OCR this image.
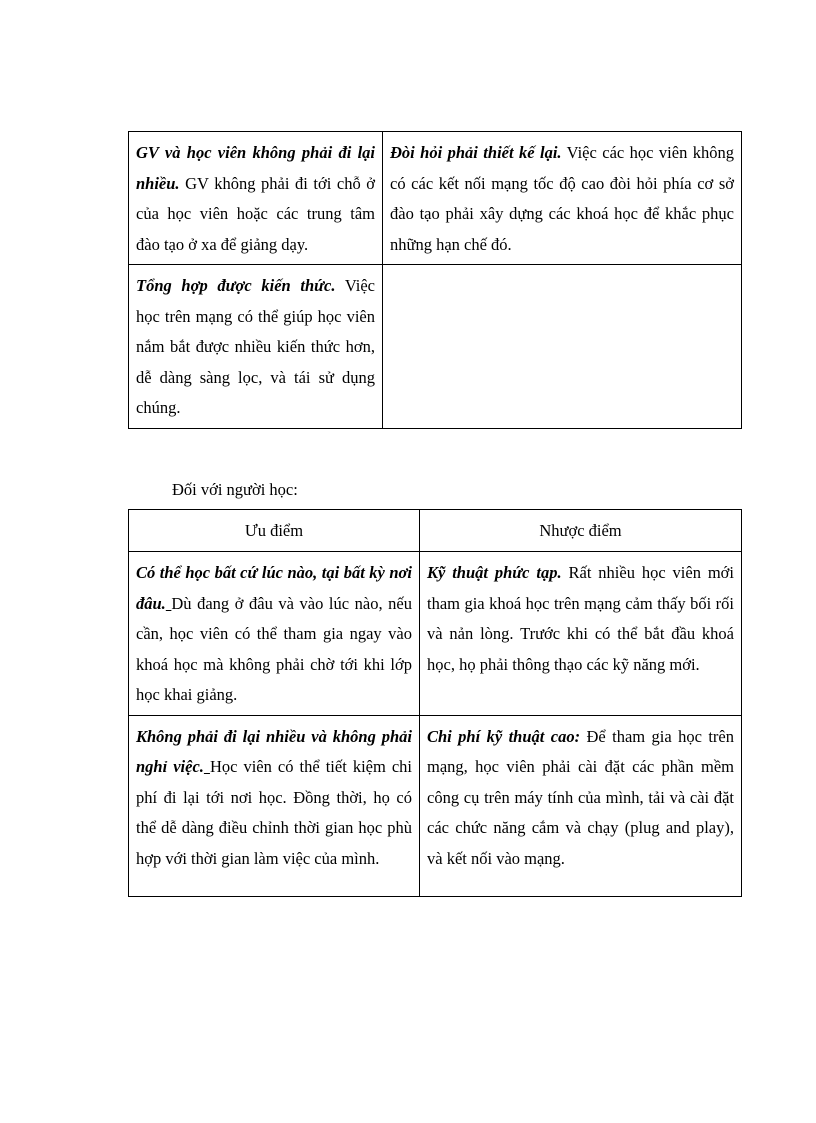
GV và học viên không phải đi lại nhiều. GV không phải đi tới chỗ ở của học viên hoặc các trung tâm đào tạo ở xa để giảng dạy.	Đòi hỏi phải thiết kế lại. Việc các học viên không có các kết nối mạng tốc độ cao đòi hỏi phía cơ sở đào tạo phải xây dựng các khoá học để khắc phục những hạn chế đó.
Tổng hợp được kiến thức. Việc học trên mạng có thể giúp học viên nắm bắt được nhiều kiến thức hơn, dễ dàng sàng lọc, và tái sử dụng chúng.	
Đối với người học:
Ưu điểm	Nhược điểm
Có thể học bất cứ lúc nào, tại bất kỳ nơi đâu. Dù đang ở đâu và vào lúc nào, nếu cần, học viên có thể tham gia ngay vào khoá học mà không phải chờ tới khi lớp học khai giảng.	Kỹ thuật phức tạp. Rất nhiều học viên mới tham gia khoá học trên mạng cảm thấy bối rối và nản lòng. Trước khi có thể bắt đầu khoá học, họ phải thông thạo các kỹ năng mới.
Không phải đi lại nhiều và không phải nghỉ việc. Học viên có thể tiết kiệm chi phí đi lại tới nơi học. Đồng thời, họ có thể dễ dàng điều chỉnh thời gian học phù hợp với thời gian làm việc của mình.	Chi phí kỹ thuật cao: Để tham gia học trên mạng, học viên phải cài đặt các phần mềm công cụ trên máy tính của mình, tải và cài đặt các chức năng cắm và chạy (plug and play), và kết nối vào mạng.
